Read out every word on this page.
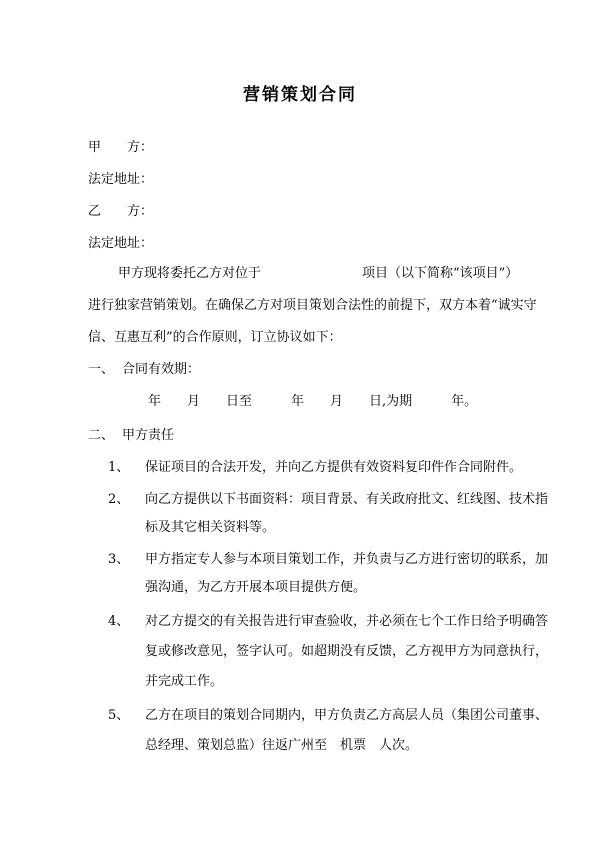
营销策划合同

甲　　方：

法定地址：

乙　　方：

法定地址：

甲方现将委托乙方对位于	项目（以下简称“该项目”）

进行独家营销策划。在确保乙方对项目策划合法性的前提下，双方本着“诚实守

信、互惠互利”的合作原则，订立协议如下：

一、 合同有效期：

年　　月　　日至　　　年　　月　　日,为期　　　年。

二、 甲方责任

1、 保证项目的合法开发，并向乙方提供有效资料复印件作合同附件。

2、 向乙方提供以下书面资料：项目背景、有关政府批文、红线图、技术指

标及其它相关资料等。

3、 甲方指定专人参与本项目策划工作，并负责与乙方进行密切的联系，加

强沟通，为乙方开展本项目提供方便。

4、 对乙方提交的有关报告进行审查验收，并必须在七个工作日给予明确答

复或修改意见，签字认可。如超期没有反馈，乙方视甲方为同意执行，

并完成工作。

5、 乙方在项目的策划合同期内，甲方负责乙方高层人员（集团公司董事、

总经理、策划总监）往返广州至　机票　人次。
